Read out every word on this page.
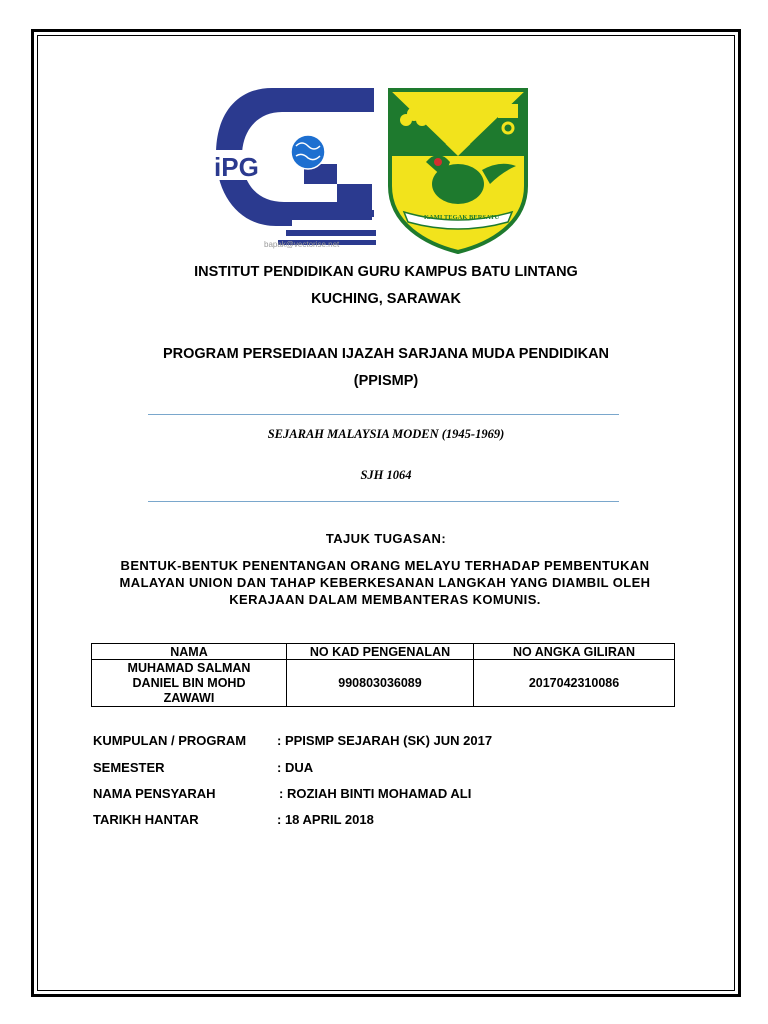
iPG
bapak@vectorise.net
KAMI TEGAK BERSATU
INSTITUT PENDIDIKAN GURU KAMPUS BATU LINTANG
KUCHING, SARAWAK
PROGRAM PERSEDIAAN IJAZAH SARJANA MUDA PENDIDIKAN
(PPISMP)
SEJARAH MALAYSIA MODEN (1945-1969)
SJH 1064
TAJUK TUGASAN:
BENTUK-BENTUK PENENTANGAN ORANG MELAYU TERHADAP PEMBENTUKAN
MALAYAN UNION DAN TAHAP KEBERKESANAN LANGKAH YANG DIAMBIL OLEH
KERAJAAN DALAM MEMBANTERAS KOMUNIS.
NAMA	NO KAD PENGENALAN	NO ANGKA GILIRAN

MUHAMAD SALMAN
DANIEL BIN MOHD
ZAWAWI	990803036089	2017042310086
KUMPULAN / PROGRAM : PPISMP SEJARAH (SK) JUN 2017
SEMESTER	: DUA
NAMA PENSYARAH	: ROZIAH BINTI MOHAMAD ALI
TARIKH HANTAR	: 18 APRIL 2018
